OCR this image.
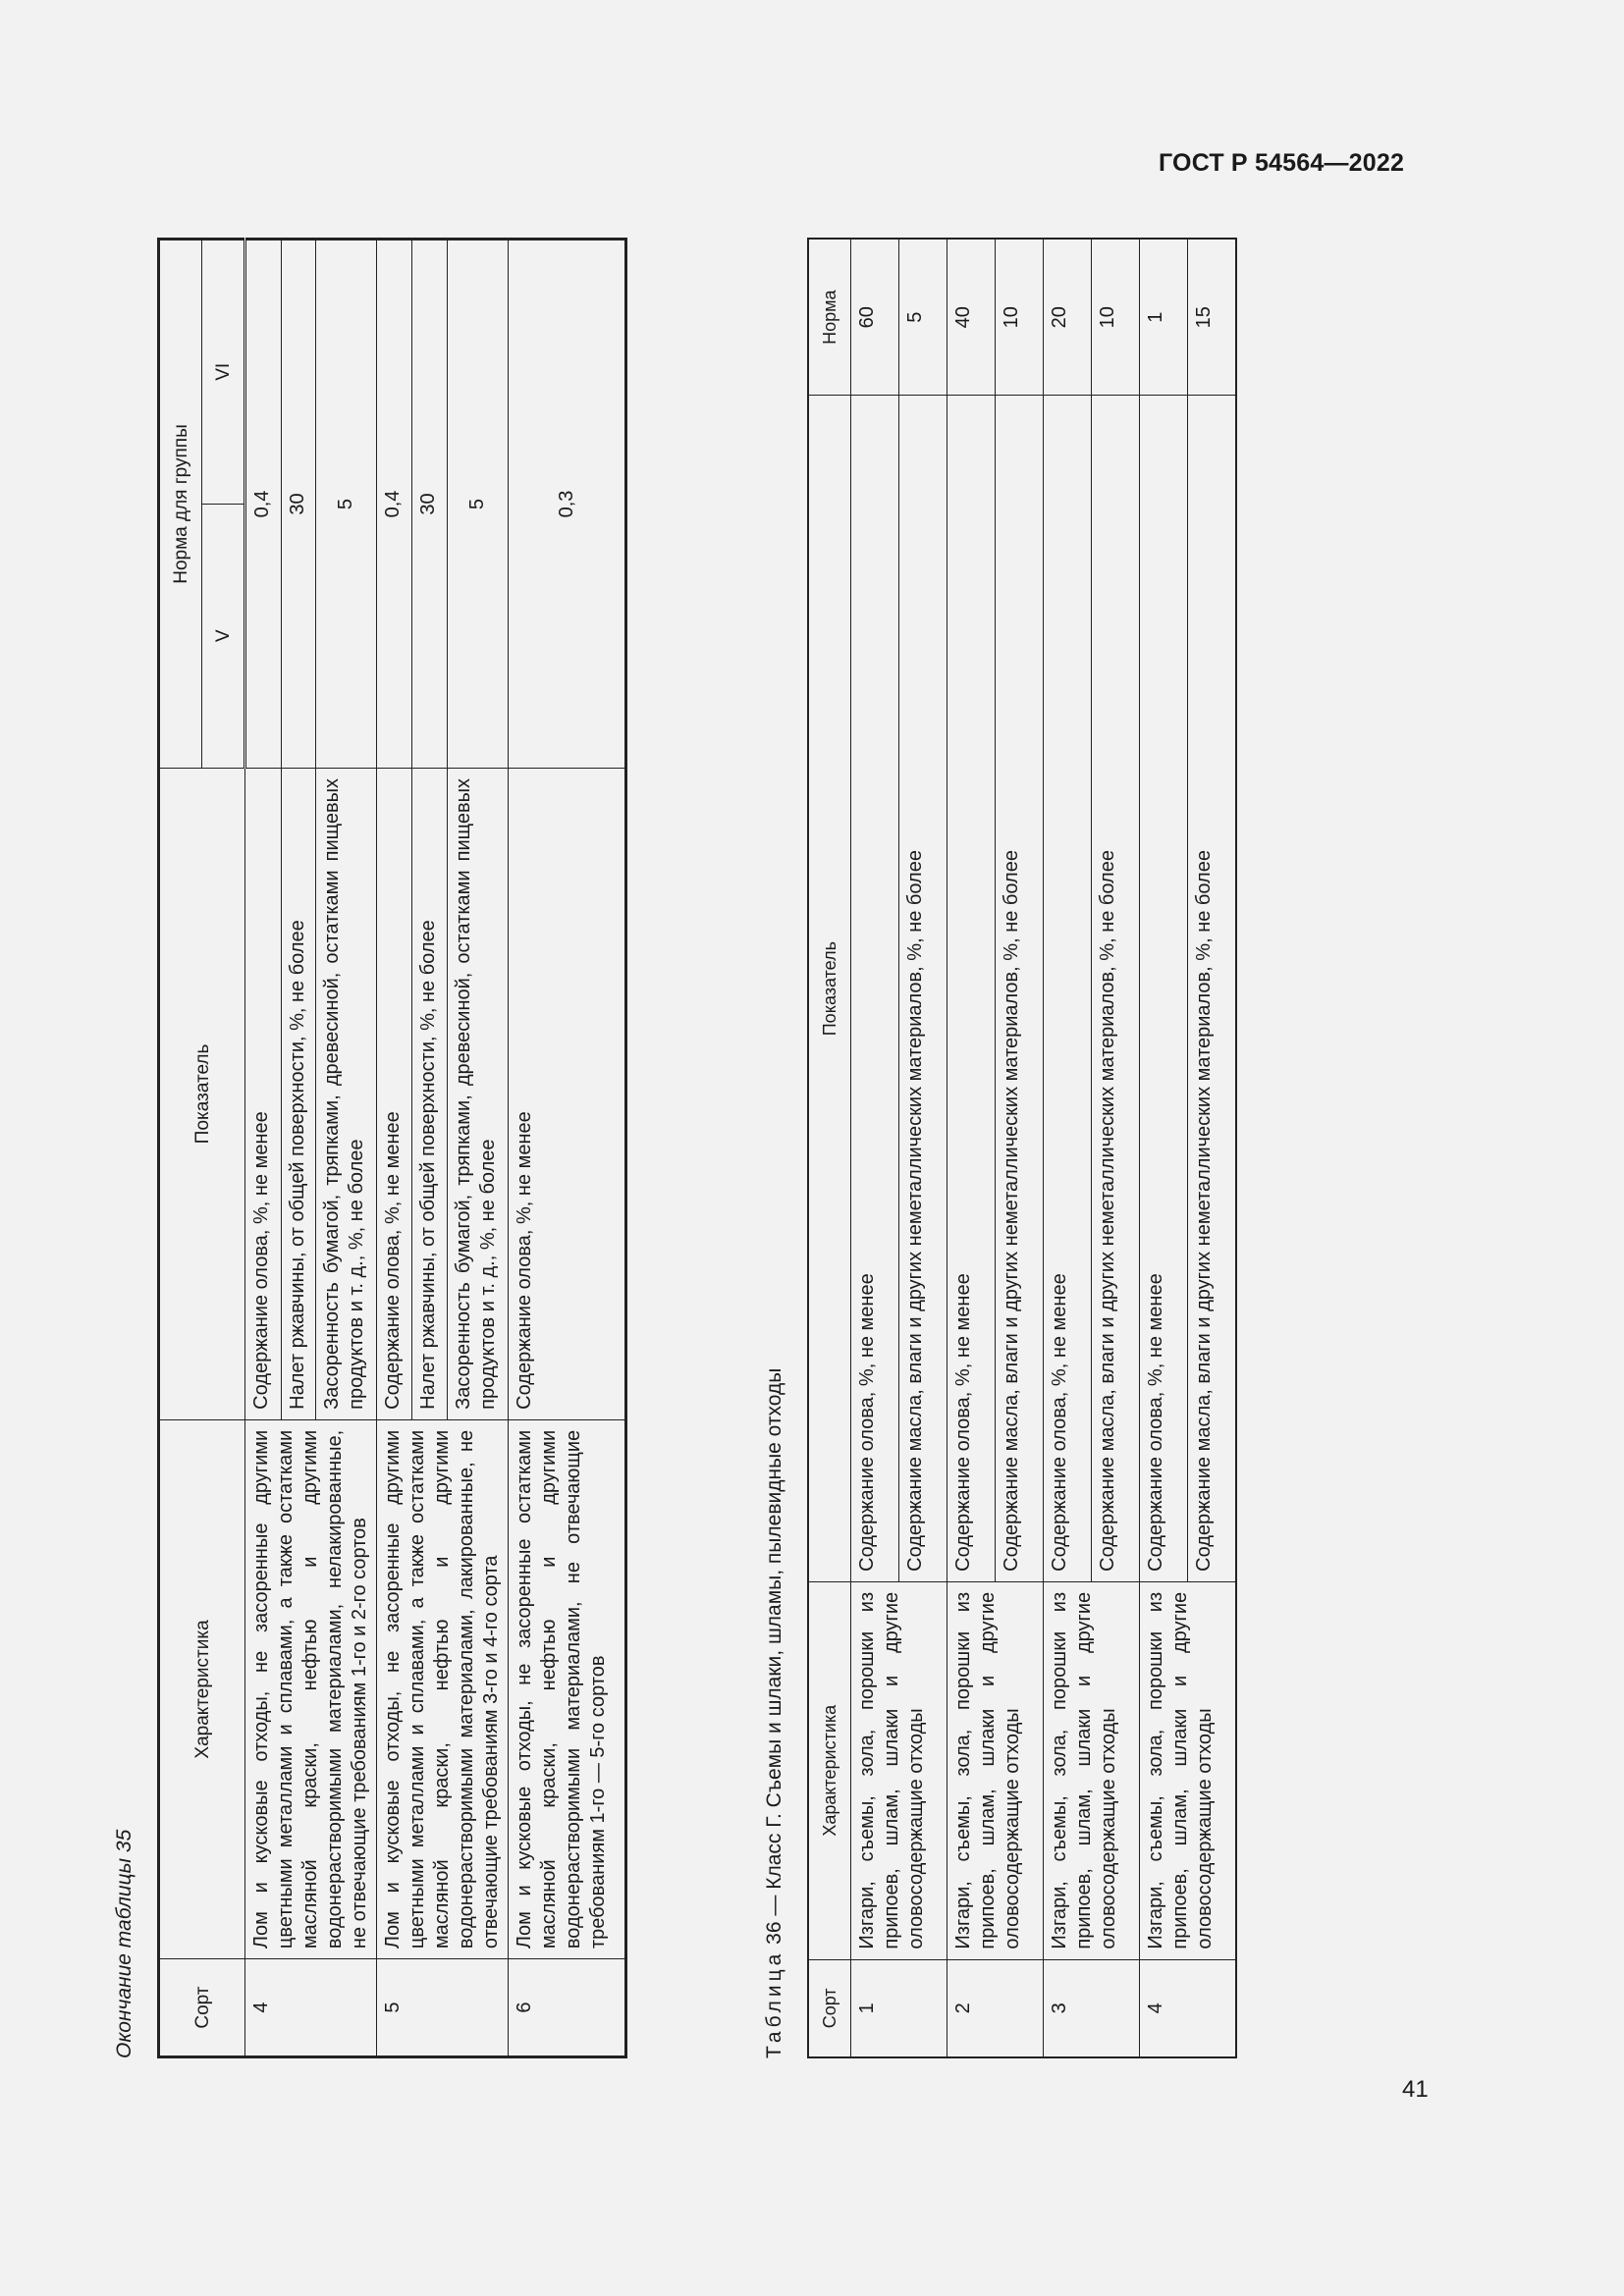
ГОСТ Р 54564—2022
41
Окончание таблицы 35	Сорт	Характеристика	Показатель	Норма для группы	
			V	VI
4	Лом и кусковые отходы, не засоренные другими цветными металлами и сплавами, а также остатками масляной краски, нефтью и другими водонерастворимыми материалами, нелакированные, не отвечающие требованиям 1-го и 2-го сортов	Содержание олова, %, не менее	0,4	
		Налет ржавчины, от общей поверхности, %, не более	30	
		Засоренность бумагой, тряпками, древесиной, остатками пищевых продуктов и т. д., %, не более	5	
5	Лом и кусковые отходы, не засоренные другими цветными металлами и сплавами, а также остатками масляной краски, нефтью и другими водонерастворимыми материалами, лакированные, не отвечающие требованиям 3-го и 4-го сорта	Содержание олова, %, не менее	0,4	
		Налет ржавчины, от общей поверхности, %, не более	30	
		Засоренность бумагой, тряпками, древесиной, остатками пищевых продуктов и т. д., %, не более	5	
6	Лом и кусковые отходы, не засоренные остатками масляной краски, нефтью и другими водонерастворимыми материалами, не отвечающие требованиям 1-го — 5-го сортов	Содержание олова, %, не менее	0,3	
Таблица 36 — Класс Г. Съемы и шлаки, шламы, пылевидные отходы
Сорт	Характеристика	Показатель	Норма
1	Изгари, съемы, зола, порошки из припоев, шлам, шлаки и другие оловосодержащие отходы	Содержание олова, %, не менее	60
		Содержание масла, влаги и других неметаллических материалов, %, не более	5
2	Изгари, съемы, зола, порошки из припоев, шлам, шлаки и другие оловосодержащие отходы	Содержание олова, %, не менее	40
		Содержание масла, влаги и других неметаллических материалов, %, не более	10
3	Изгари, съемы, зола, порошки из припоев, шлам, шлаки и другие оловосодержащие отходы	Содержание олова, %, не менее	20
		Содержание масла, влаги и других неметаллических материалов, %, не более	10
4	Изгари, съемы, зола, порошки из припоев, шлам, шлаки и другие оловосодержащие отходы	Содержание олова, %, не менее	1
		Содержание масла, влаги и других неметаллических материалов, %, не более	15
